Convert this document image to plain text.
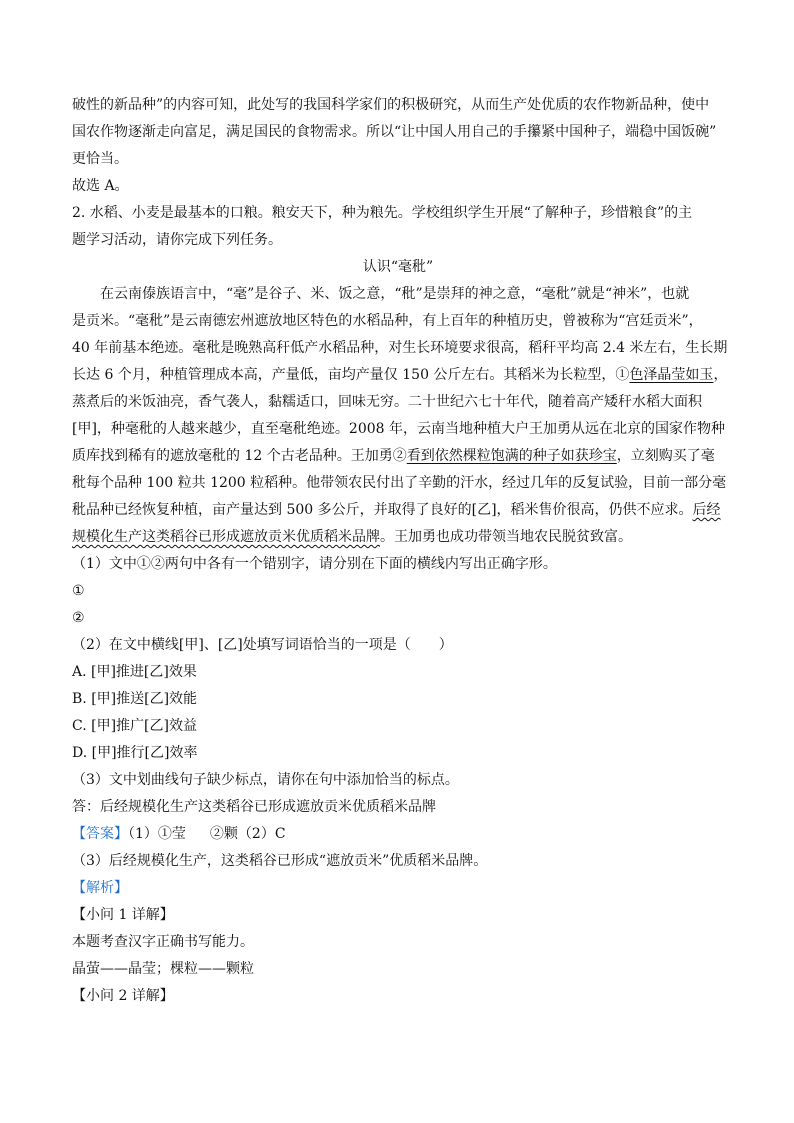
破性的新品种”的内容可知，此处写的我国科学家们的积极研究，从而生产处优质的农作物新品种，使中
国农作物逐渐走向富足，满足国民的食物需求。所以“让中国人用自己的手攥紧中国种子，端稳中国饭碗”
更恰当。
故选 A。
2. 水稻、小麦是最基本的口粮。粮安天下，种为粮先。学校组织学生开展“了解种子，珍惜粮食”的主
题学习活动，请你完成下列任务。
认识“毫秕”
在云南傣族语言中，“毫”是谷子、米、饭之意，“秕”是崇拜的神之意，“毫秕”就是“神米”，也就
是贡米。“毫秕”是云南德宏州遮放地区特色的水稻品种，有上百年的种植历史，曾被称为“宫廷贡米”，
40 年前基本绝迹。毫秕是晚熟高秆低产水稻品种，对生长环境要求很高，稻秆平均高 2.4 米左右，生长期
长达 6 个月，种植管理成本高，产量低，亩均产量仅 150 公斤左右。其稻米为长粒型，①色泽晶莹如玉，
蒸煮后的米饭油亮，香气袭人，黏糯适口，回味无穷。二十世纪六七十年代，随着高产矮秆水稻大面积
[甲]，种毫秕的人越来越少，直至毫秕绝迹。2008 年，云南当地种植大户王加勇从远在北京的国家作物种
质库找到稀有的遮放毫秕的 12 个古老品种。王加勇②看到依然棵粒饱满的种子如获珍宝，立刻购买了毫
秕每个品种 100 粒共 1200 粒稻种。他带领农民付出了辛勤的汗水，经过几年的反复试验，目前一部分毫
秕品种已经恢复种植，亩产量达到 500 多公斤，并取得了良好的[乙]，稻米售价很高，仍供不应求。后经
规模化生产这类稻谷已形成遮放贡米优质稻米品牌。王加勇也成功带领当地农民脱贫致富。
（1）文中①②两句中各有一个错别字，请分别在下面的横线内写出正确字形。
①
②
（2）在文中横线[甲]、[乙]处填写词语恰当的一项是（　　）
A. [甲]推进[乙]效果
B. [甲]推送[乙]效能
C. [甲]推广[乙]效益
D. [甲]推行[乙]效率
（3）文中划曲线句子缺少标点，请你在句中添加恰当的标点。
答：后经规模化生产这类稻谷已形成遮放贡米优质稻米品牌
【答案】（1）①莹 ②颗（2）C
（3）后经规模化生产，这类稻谷已形成“遮放贡米”优质稻米品牌。
【解析】
【小问 1 详解】
本题考查汉字正确书写能力。
晶萤——晶莹；棵粒——颗粒
【小问 2 详解】
